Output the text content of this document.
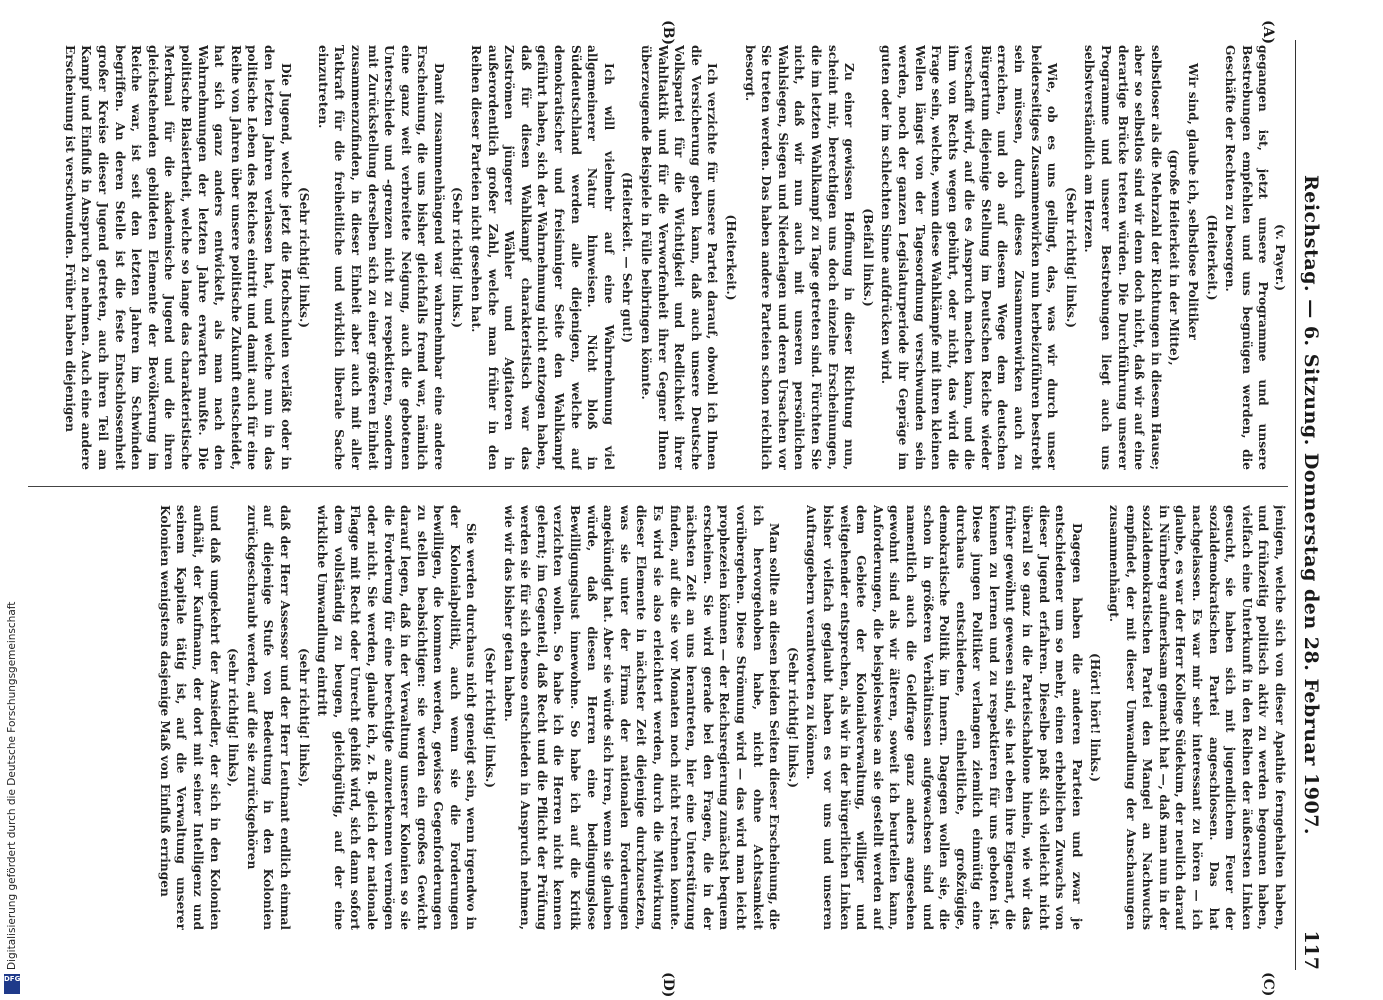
Digitalisierung gefördert durch die Deutsche Forschungsgemeinschaft
DFG
Reichstag. — 6. Sitzung. Donnerstag den 28. Februar 1907.
117
(A)
(B)
(C)
(D)

(v. Payer.)

gegangen ist, jetzt unsere Programme und unsere Bestrebungen empfehlen und uns begnügen werden, die Geschäfte der Rechten zu besorgen.

(Heiterkeit.)

Wir sind, glaube ich, selbstlose Politiker

(große Heiterkeit in der Mitte),

selbstloser als die Mehrzahl der Richtungen in diesem Hause; aber so selbstlos sind wir denn doch nicht, daß wir auf eine derartige Brücke treten würden. Die Durchführung unserer Programme und unserer Bestrebungen liegt auch uns selbstverständlich am Herzen.

(Sehr richtig! links.)

Wie, ob es uns gelingt, das, was wir durch unser beiderseitiges Zusammenwirken nun herbeizuführen bestrebt sein müssen, durch dieses Zusammenwirken auch zu erreichen, und ob auf diesem Wege dem deutschen Bürgertum diejenige Stellung im Deutschen Reiche wieder verschafft wird, auf die es Anspruch machen kann, und die ihm von Rechts wegen gebührt, oder nicht, das wird die Frage sein, welche, wenn diese Wahlkämpfe mit ihren kleinen Wellen längst von der Tagesordnung verschwunden sein werden, noch der ganzen Legislaturperiode ihr Gepräge im guten oder im schlechten Sinne aufdrücken wird.

(Beifall links.)

Zu einer gewissen Hoffnung in dieser Richtung nun, scheint mir, berechtigen uns doch einzelne Erscheinungen, die im letzten Wahlkampf zu Tage getreten sind. Fürchten Sie nicht, daß wir nun auch mit unseren persönlichen Wahlsiegen, Siegen und Niederlagen und deren Ursachen vor Sie treten werden. Das haben andere Parteien schon reichlich besorgt.

(Heiterkeit.)

Ich verzichte für unsere Partei darauf, obwohl ich Ihnen die Versicherung geben kann, daß auch unsere Deutsche Volkspartei für die Wichtigkeit und Redlichkeit ihrer Wahltaktik und für die Verworfenheit ihrer Gegner Ihnen überzeugende Beispiele in Fülle beibringen könnte.

(Heiterkeit. — Sehr gut!)

Ich will vielmehr auf eine Wahrnehmung viel allgemeinerer Natur hinweisen. Nicht bloß in Süddeutschland werden alle diejenigen, welche auf demokratischer und freisinniger Seite den Wahlkampf geführt haben, sich der Wahrnehmung nicht entzogen haben, daß für diesen Wahlkampf charakteristisch war das Zuströmen jüngerer Wähler und Agitatoren in außerordentlich großer Zahl, welche man früher in den Reihen dieser Parteien nicht gesehen hat.

(Sehr richtig! links.)

Damit zusammenhängend war wahrnehmbar eine andere Erscheinung, die uns bisher gleichfalls fremd war, nämlich eine ganz weit verbreitete Neigung, auch die gebotenen Unterschiede und -grenzen nicht zu respektieren, sondern mit Zurückstellung derselben sich zu einer größeren Einheit zusammenzufinden, in dieser Einheit aber auch mit aller Tatkraft für die freiheitliche und wirklich liberale Sache einzutreten.

(Sehr richtig! links.)

Die Jugend, welche jetzt die Hochschulen verläßt oder in den letzten Jahren verlassen hat, und welche nun in das politische Leben des Reiches eintritt und damit auch für eine Reihe von Jahren über unsere politische Zukunft entscheidet, hat sich ganz anders entwickelt, als man nach den Wahrnehmungen der letzten Jahre erwarten mußte. Die politische Blasiertheit, welche so lange das charakteristische Merkmal für die akademische Jugend und die ihren gleichstehenden gebildeten Elemente der Bevölkerung im Reiche war, ist seit den letzten Jahren im Schwinden begriffen. An deren Stelle ist die feste Entschlossenheit großer Kreise dieser Jugend getreten, auch ihren Teil am Kampf und Einfluß in Anspruch zu nehmen. Auch eine andere Erscheinung ist verschwunden. Früher haben diejenigen

jenigen, welche sich von dieser Apathie ferngehalten haben, und frühzeitig politisch aktiv zu werden begonnen haben, vielfach eine Unterkunft in den Reihen der äußersten Linken gesucht, sie haben sich mit jugendlichem Feuer der sozialdemokratischen Partei angeschlossen. Das hat nachgelassen. Es war mir sehr interessant zu hören — ich glaube, es war der Herr Kollege Südekum, der neulich darauf in Nürnberg aufmerksam gemacht hat —, daß man nun in der sozialdemokratischen Partei den Mangel an Nachwuchs empfindet, der mit dieser Umwandlung der Anschauungen zusammenhängt.

(Hört! hört! links.)

Dagegen haben die anderen Parteien und zwar je entschiedener um so mehr, einen erheblichen Zuwachs von dieser Jugend erfahren. Dieselbe paßt sich vielleicht nicht überall so ganz in die Parteischablone hinein, wie wir das früher gewöhnt gewesen sind, sie hat eben ihre Eigenart, die kennen zu lernen und zu respektieren für uns geboten ist. Diese jungen Politiker verlangen ziemlich einmütig eine durchaus entschiedene, einheitliche, großzügige, demokratische Politik im Innern. Dagegen wollen sie, die schon in größeren Verhältnissen aufgewachsen sind und namentlich auch die Geldfrage ganz anders angesehen gewohnt sind als wir älteren, soweit ich beurteilen kann, Anforderungen, die beispielsweise an sie gestellt werden auf dem Gebiete der Kolonialverwaltung, williger und weitgehender entsprechen, als wir in der bürgerlichen Linken bisher vielfach geglaubt haben es vor uns und unseren Auftraggebern verantworten zu können.

(Sehr richtig! links.)

Man sollte an diesen beiden Seiten dieser Erscheinung, die ich hervorgehoben habe, nicht ohne Achtsamkeit vorübergehen. Diese Strömung wird — das wird man leicht prophezeien können — der Reichsregierung zunächst bequem erscheinen. Sie wird gerade bei den Fragen, die in der nächsten Zeit an uns herantreten, hier eine Unterstützung finden, auf die sie vor Monaten noch nicht rechnen konnte. Es wird sie also erleichtert werden, durch die Mitwirkung dieser Elemente in nächster Zeit diejenige durchzusetzen, was sie unter der Firma der nationalen Forderungen angekündigt hat. Aber sie würde sich irren, wenn sie glauben würde, daß diesen Herren eine bedingungslose Bewilligungslust innewohne. So habe ich auf die Kritik verzichten wollen. So habe ich die Herren nicht kennen gelernt; im Gegenteil, daß Recht und die Pflicht der Prüfung werden sie für sich ebenso entschieden in Anspruch nehmen, wie wir das bisher getan haben.

(Sehr richtig! links.)

Sie werden durchaus nicht geneigt sein, wenn irgendwo in der Kolonialpolitik, auch wenn sie die Forderungen bewilligen, die kommen werden, gewisse Gegenforderungen zu stellen beabsichtigen: sie werden ein großes Gewicht darauf legen, daß in der Verwaltung unserer Kolonien so sie die Forderung für eine berechtigte anzuerkennen vermögen oder nicht. Sie werden, glaube ich, z. B. gleich der nationale Flagge mit Recht oder Unrecht gehißt wird, sich dann sofort dem vollständig zu beugen, gleichgültig, auf der eine wirkliche Umwandlung eintritt

(sehr richtig! links),

daß der Herr Assessor und der Herr Leutnant endlich einmal auf diejenige Stufe von Bedeutung in den Kolonien zurückgeschraubt werden, auf die sie zurückgehören

(sehr richtig! links),

und daß umgekehrt der Ansiedler, der sich in den Kolonien aufhält, der Kaufmann, der dort mit seiner Intelligenz und seinem Kapitale tätig ist, auf die Verwaltung unserer Kolonien wenigstens dasjenige Maß von Einfluß erringen
